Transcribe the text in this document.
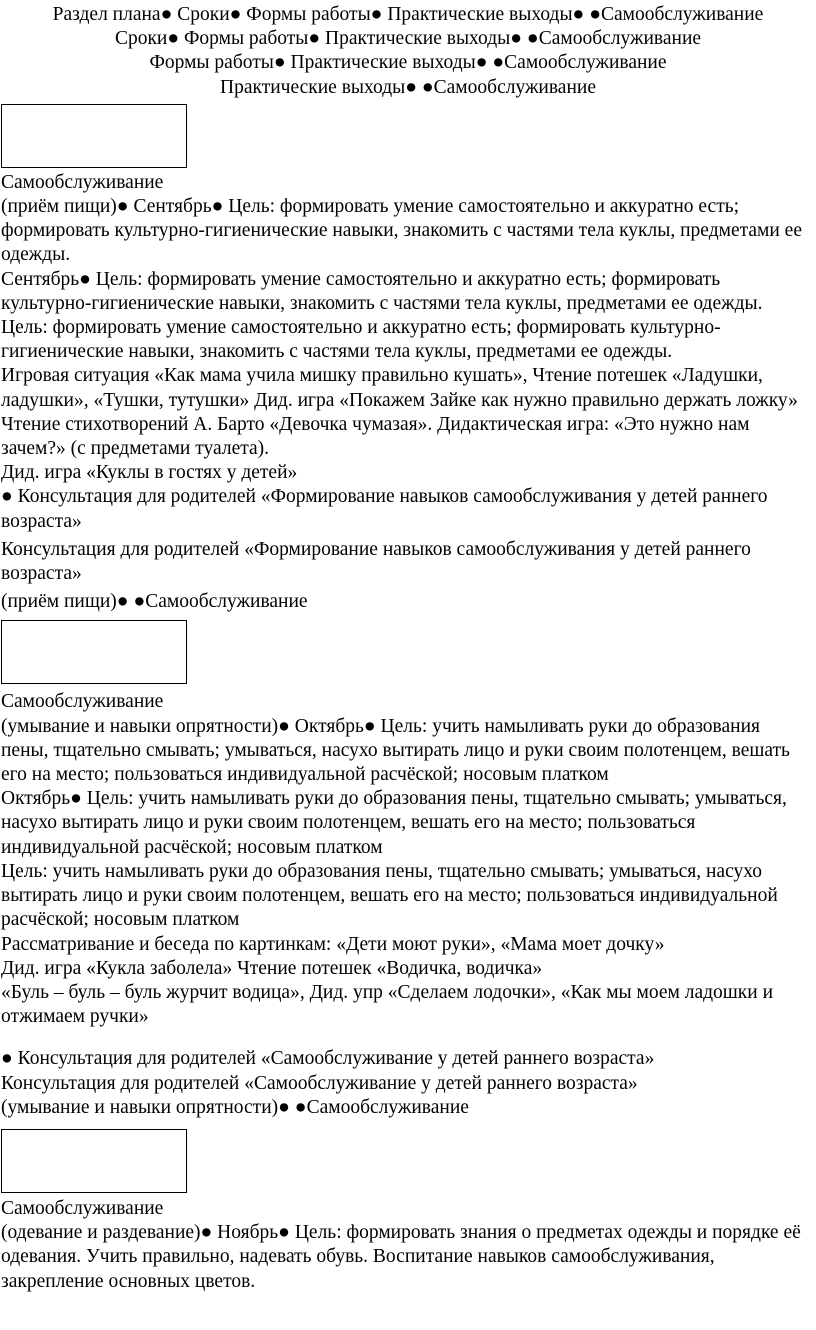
Раздел плана● Сроки● Формы работы● Практические выходы● ●Самообслуживание
Сроки● Формы работы● Практические выходы● ●Самообслуживание
Формы работы● Практические выходы● ●Самообслуживание
Практические выходы● ●Самообслуживание
Самообслуживание
(приём пищи)● Сентябрь● Цель: формировать умение самостоятельно и аккуратно есть; формировать культурно-гигиенические навыки, знакомить с частями тела куклы, предметами ее одежды.
Сентябрь● Цель: формировать умение самостоятельно и аккуратно есть; формировать культурно-гигиенические навыки, знакомить с частями тела куклы, предметами ее одежды.
Цель: формировать умение самостоятельно и аккуратно есть; формировать культурно-гигиенические навыки, знакомить с частями тела куклы, предметами ее одежды.
Игровая ситуация «Как мама учила мишку правильно кушать», Чтение потешек «Ладушки, ладушки», «Тушки, тутушки» Дид. игра «Покажем Зайке как нужно правильно держать ложку»
Чтение стихотворений А. Барто «Девочка чумазая». Дидактическая игра: «Это нужно нам зачем?» (с предметами туалета).
Дид. игра «Куклы в гостях у детей»
● Консультация для родителей «Формирование навыков самообслуживания у детей раннего возраста»
Консультация для родителей «Формирование навыков самообслуживания у детей раннего возраста»
(приём пищи)● ●Самообслуживание
Самообслуживание
(умывание и навыки опрятности)● Октябрь● Цель: учить намыливать руки до образования пены, тщательно смывать; умываться, насухо вытирать лицо и руки своим полотенцем, вешать его на место; пользоваться индивидуальной расчёской; носовым платком
Октябрь● Цель: учить намыливать руки до образования пены, тщательно смывать; умываться, насухо вытирать лицо и руки своим полотенцем, вешать его на место; пользоваться индивидуальной расчёской; носовым платком
Цель: учить намыливать руки до образования пены, тщательно смывать; умываться, насухо вытирать лицо и руки своим полотенцем, вешать его на место; пользоваться индивидуальной расчёской; носовым платком
Рассматривание и беседа по картинкам: «Дети моют руки», «Мама моет дочку»
Дид. игра «Кукла заболела» Чтение потешек «Водичка, водичка»
«Буль – буль – буль журчит водица», Дид. упр «Сделаем лодочки», «Как мы моем ладошки и отжимаем ручки»
● Консультация для родителей «Самообслуживание у детей раннего возраста»
Консультация для родителей «Самообслуживание у детей раннего возраста»
(умывание и навыки опрятности)● ●Самообслуживание
Самообслуживание
(одевание и раздевание)● Ноябрь● Цель: формировать знания о предметах одежды и порядке её одевания. Учить правильно, надевать обувь. Воспитание навыков самообслуживания, закрепление основных цветов.
